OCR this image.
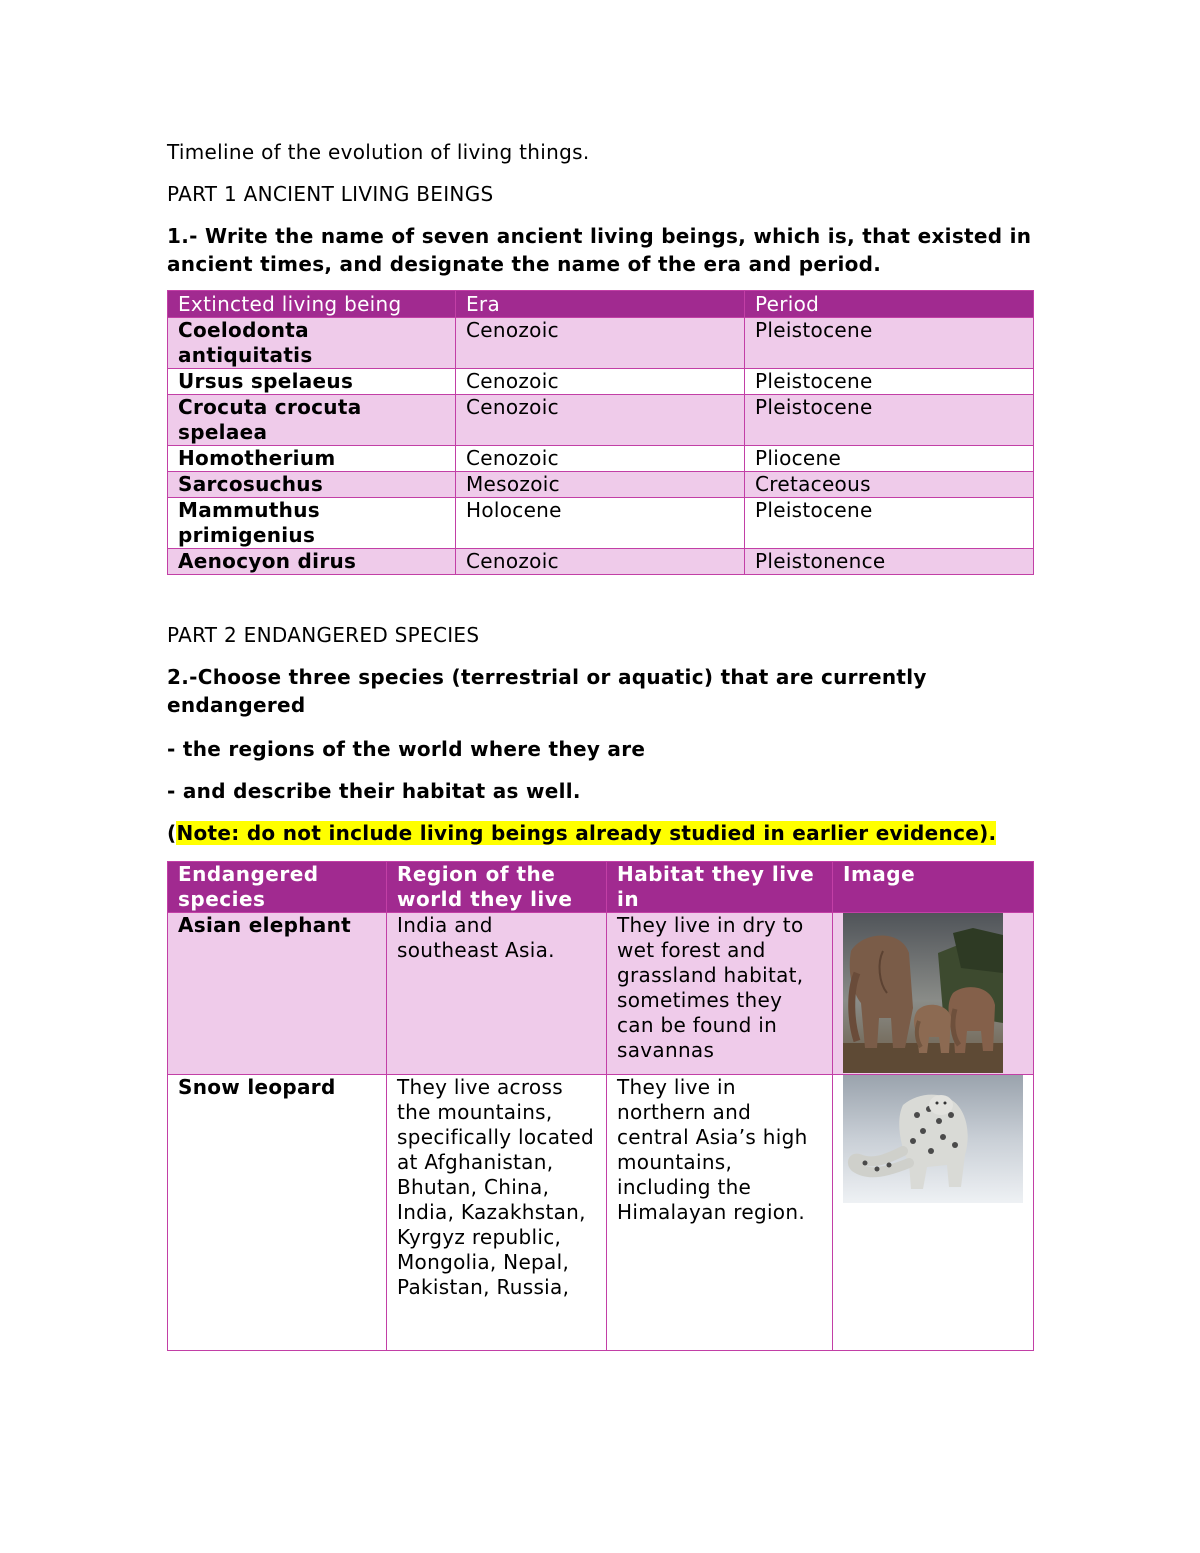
Timeline of the evolution of living things.

PART 1 ANCIENT LIVING BEINGS

1.- Write the name of seven ancient living beings, which is, that existed in ancient times, and designate the name of the era and period.

Extincted living being	Era	Period
Coelodonta antiquitatis	Cenozoic	Pleistocene
Ursus spelaeus	Cenozoic	Pleistocene
Crocuta crocuta spelaea	Cenozoic	Pleistocene
Homotherium	Cenozoic	Pliocene
Sarcosuchus	Mesozoic	Cretaceous
Mammuthus primigenius	Holocene	Pleistocene
Aenocyon dirus	Cenozoic	Pleistonence

PART 2 ENDANGERED SPECIES

2.-Choose three species (terrestrial or aquatic) that are currently endangered

- the regions of the world where they are

- and describe their habitat as well.

(Note: do not include living beings already studied in earlier evidence).

Endangered species	Region of the world they live	Habitat they live in	Image
Asian elephant	India and southeast Asia.	They live in dry to wet forest and grassland habitat, sometimes they can be found in savannas	

Snow leopard	They live across the mountains, specifically located at Afghanistan, Bhutan, China, India, Kazakhstan, Kyrgyz republic, Mongolia, Nepal, Pakistan, Russia,	They live in northern and central Asia’s high mountains, including the Himalayan region.	
